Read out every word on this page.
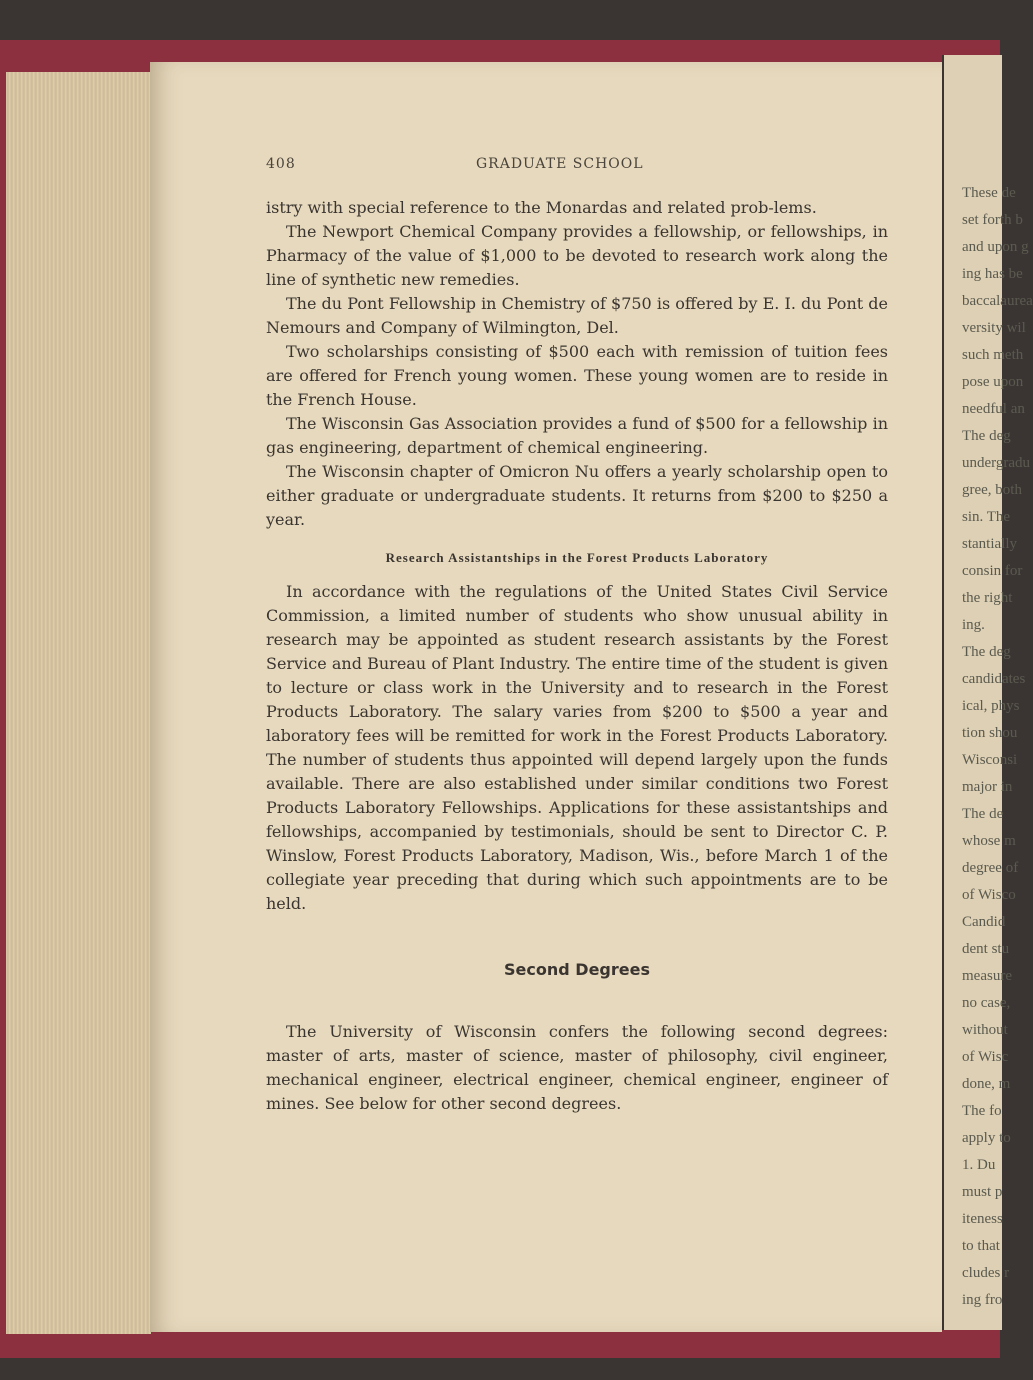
These de
set forth b
and upon g
ing has be
baccalaurea
versity wil
such meth
pose upon
needful an
The deg
undergradu
gree, both
sin. The
stantially
consin for
the right
ing.
The deg
candidates
ical, phys
tion shou
Wisconsi
major in
The de
whose m
degree of
of Wisco
Candid
dent stu
measure
no case,
without
of Wisc
done, m
The fo
apply to
1. Du
must p
iteness
to that
cludes r
ing fro
408	GRADUATE SCHOOL

istry with special reference to the Monardas and related prob-lems.

The Newport Chemical Company provides a fellowship, or fellowships, in Pharmacy of the value of $1,000 to be devoted to research work along the line of synthetic new remedies.

The du Pont Fellowship in Chemistry of $750 is offered by E. I. du Pont de Nemours and Company of Wilmington, Del.

Two scholarships consisting of $500 each with remission of tuition fees are offered for French young women. These young women are to reside in the French House.

The Wisconsin Gas Association provides a fund of $500 for a fellowship in gas engineering, department of chemical engineering.

The Wisconsin chapter of Omicron Nu offers a yearly scholarship open to either graduate or undergraduate students. It returns from $200 to $250 a year.

Research Assistantships in the Forest Products Laboratory

In accordance with the regulations of the United States Civil Service Commission, a limited number of students who show unusual ability in research may be appointed as student research assistants by the Forest Service and Bureau of Plant Industry. The entire time of the student is given to lecture or class work in the University and to research in the Forest Products Laboratory. The salary varies from $200 to $500 a year and laboratory fees will be remitted for work in the Forest Products Laboratory. The number of students thus appointed will depend largely upon the funds available. There are also established under similar conditions two Forest Products Laboratory Fellowships. Applications for these assistantships and fellowships, accompanied by testimonials, should be sent to Director C. P. Winslow, Forest Products Laboratory, Madison, Wis., before March 1 of the collegiate year preceding that during which such appointments are to be held.

Second Degrees

The University of Wisconsin confers the following second degrees: master of arts, master of science, master of philosophy, civil engineer, mechanical engineer, electrical engineer, chemical engineer, engineer of mines. See below for other second degrees.
